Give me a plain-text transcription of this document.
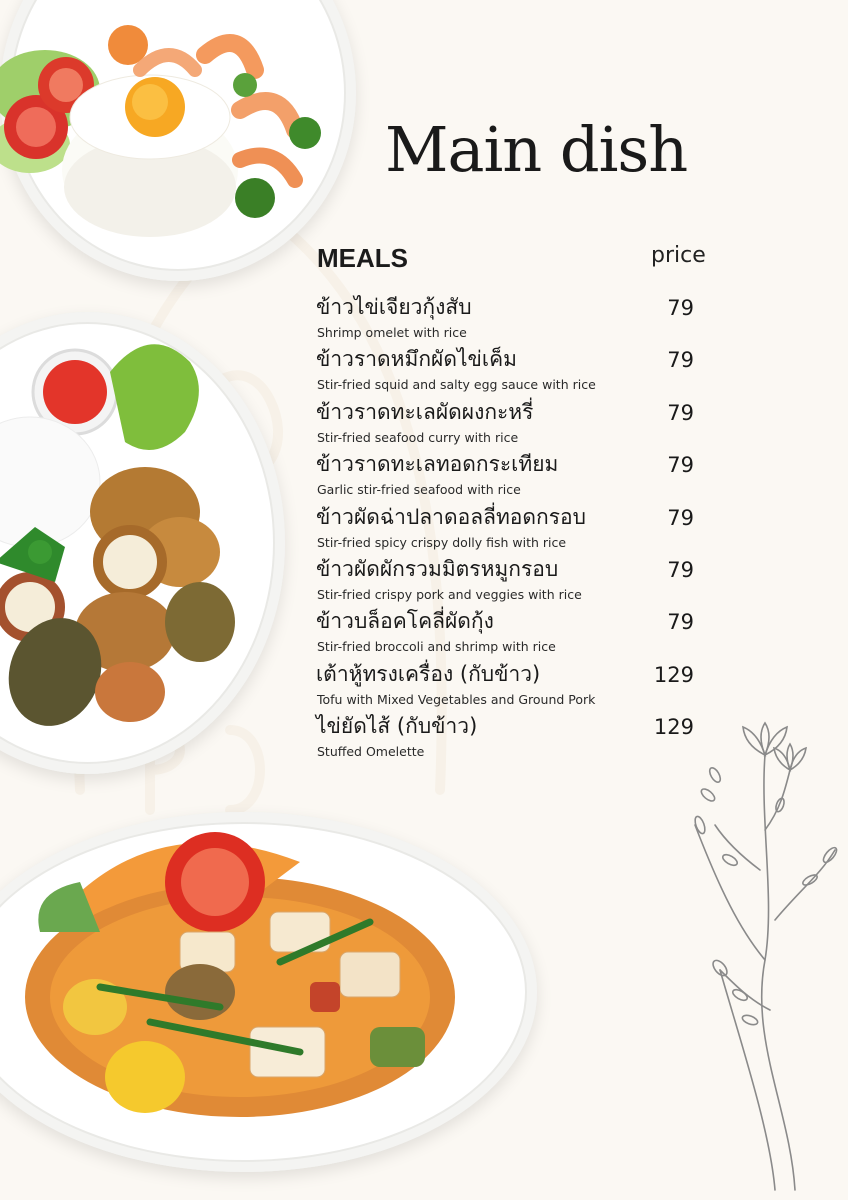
Main dish
MEALS	price
ข้าวไข่เจียวกุ้งสับ
Shrimp omelet with rice
79
ข้าวราดหมึกผัดไข่เค็ม
Stir-fried squid and salty egg sauce with rice
79
ข้าวราดทะเลผัดผงกะหรี่
Stir-fried seafood curry with rice
79
ข้าวราดทะเลทอดกระเทียม
Garlic stir-fried seafood with rice
79
ข้าวผัดฉ่าปลาดอลลี่ทอดกรอบ
Stir-fried spicy crispy dolly fish with rice
79
ข้าวผัดผักรวมมิตรหมูกรอบ
Stir-fried crispy pork and veggies with rice
79
ข้าวบล็อคโคลี่ผัดกุ้ง
Stir-fried broccoli and shrimp with rice
79
เต้าหู้ทรงเครื่อง (กับข้าว)
Tofu with Mixed Vegetables and Ground Pork
129
ไข่ยัดไส้ (กับข้าว)
Stuffed Omelette
129
